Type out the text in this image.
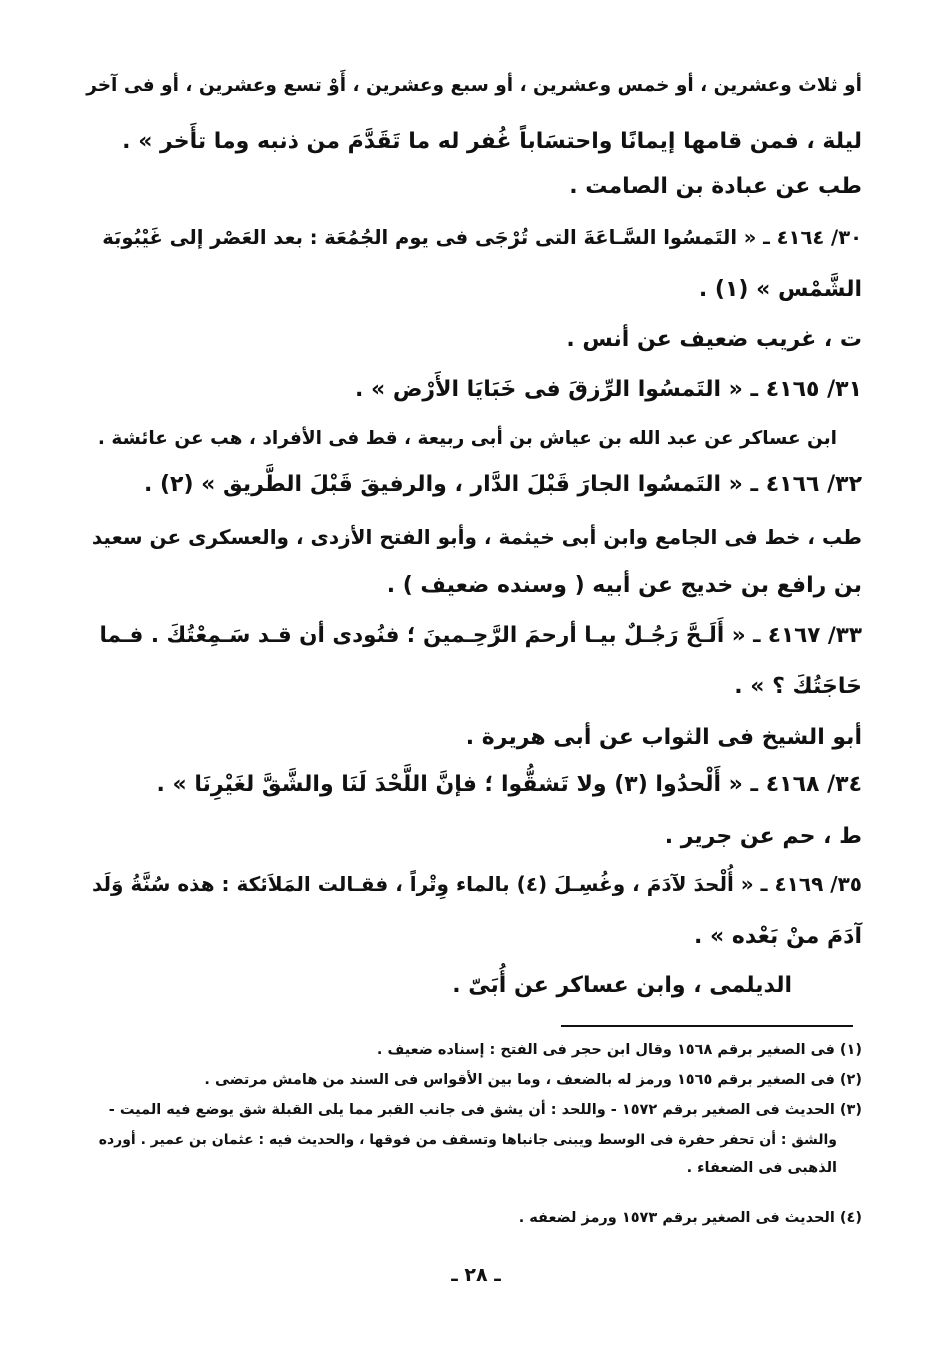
أو ثلاث وعشرين ، أو خمس وعشرين ، أو سبع وعشرين ، أَوْ تسع وعشرين ، أو فى آخر
ليلة ، فمن قامها إيمانًا واحتسَاباً غُفر له ما تَقَدَّمَ من ذنبه وما تأَخر » .
طب عن عبادة بن الصامت .
٣٠/ ٤١٦٤ ـ « التَمسُوا السَّـاعَةَ التى تُرْجَى فى يوم الجُمُعَة : بعد العَصْر إلى غَيْبُوبَة
الشَّمْس » (١) .
ت ، غريب ضعيف عن أنس .
٣١/ ٤١٦٥ ـ « التَمسُوا الرِّزقَ فى خَبَايَا الأَرْض » .
ابن عساكر عن عبد الله بن عياش بن أبى ربيعة ، قط فى الأفراد ، هب عن عائشة .
٣٢/ ٤١٦٦ ـ « التَمسُوا الجارَ قَبْلَ الدَّار ، والرفيقَ قَبْلَ الطَّريق » (٢) .
طب ، خط فى الجامع وابن أبى خيثمة ، وأبو الفتح الأزدى ، والعسكرى عن سعيد
بن رافع بن خديج عن أبيه ( وسنده ضعيف ) .
٣٣/ ٤١٦٧ ـ « أَلَـحَّ رَجُـلٌ بيـا أرحمَ الرَّحِـمينَ ؛ فنُودى أن قـد سَـمِعْتُكَ . فـما
حَاجَتُكَ ؟ » .
أبو الشيخ فى الثواب عن أبى هريرة .
٣٤/ ٤١٦٨ ـ « أَلْحدُوا (٣) ولا تَشقُّوا ؛ فإنَّ اللَّحْدَ لَنَا والشَّقَّ لغَيْرِنَا » .
ط ، حم عن جرير .
٣٥/ ٤١٦٩ ـ « أُلْحدَ لآدَمَ ، وغُسِـلَ (٤) بالماء وِتْراً ، فقـالت المَلاَئكة : هذه سُنَّةُ وَلَد
آدَمَ منْ بَعْده » .
الديلمى ، وابن عساكر عن أُبَىّ .
(١) فى الصغير برقم ١٥٦٨ وقال ابن حجر فى الفتح : إسناده ضعيف .
(٢) فى الصغير برقم ١٥٦٥ ورمز له بالضعف ، وما بين الأقواس فى السند من هامش مرتضى .
(٣) الحديث فى الصغير برقم ١٥٧٢ - واللحد : أن يشق فى جانب القبر مما يلى القبلة شق يوضع فيه الميت -
والشق : أن تحفر حفرة فى الوسط ويبنى جانباها وتسقف من فوقها ، والحديث فيه : عثمان بن عمير . أورده
الذهبى فى الضعفاء .
(٤) الحديث فى الصغير برقم ١٥٧٣ ورمز لضعفه .
ـ ٢٨ ـ
